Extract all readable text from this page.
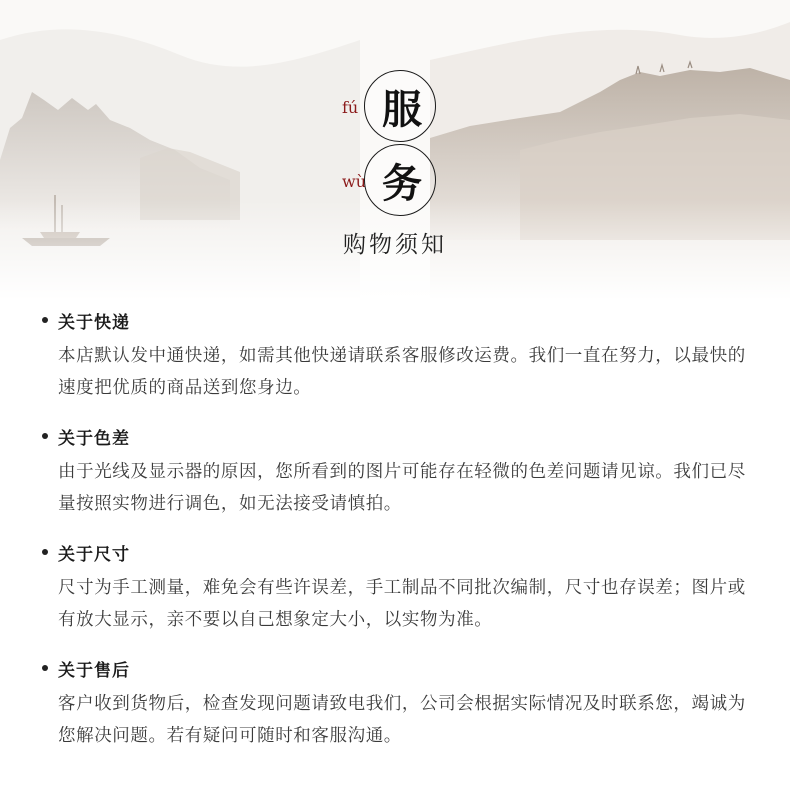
fú 服
wù 务
购物须知
关于快递
本店默认发中通快递，如需其他快递请联系客服修改运费。我们一直在努力，以最快的速度把优质的商品送到您身边。
关于色差
由于光线及显示器的原因，您所看到的图片可能存在轻微的色差问题请见谅。我们已尽量按照实物进行调色，如无法接受请慎拍。
关于尺寸
尺寸为手工测量，难免会有些许误差，手工制品不同批次编制，尺寸也存误差；图片或有放大显示，亲不要以自己想象定大小，以实物为准。
关于售后
客户收到货物后，检查发现问题请致电我们，公司会根据实际情况及时联系您，竭诚为您解决问题。若有疑问可随时和客服沟通。
